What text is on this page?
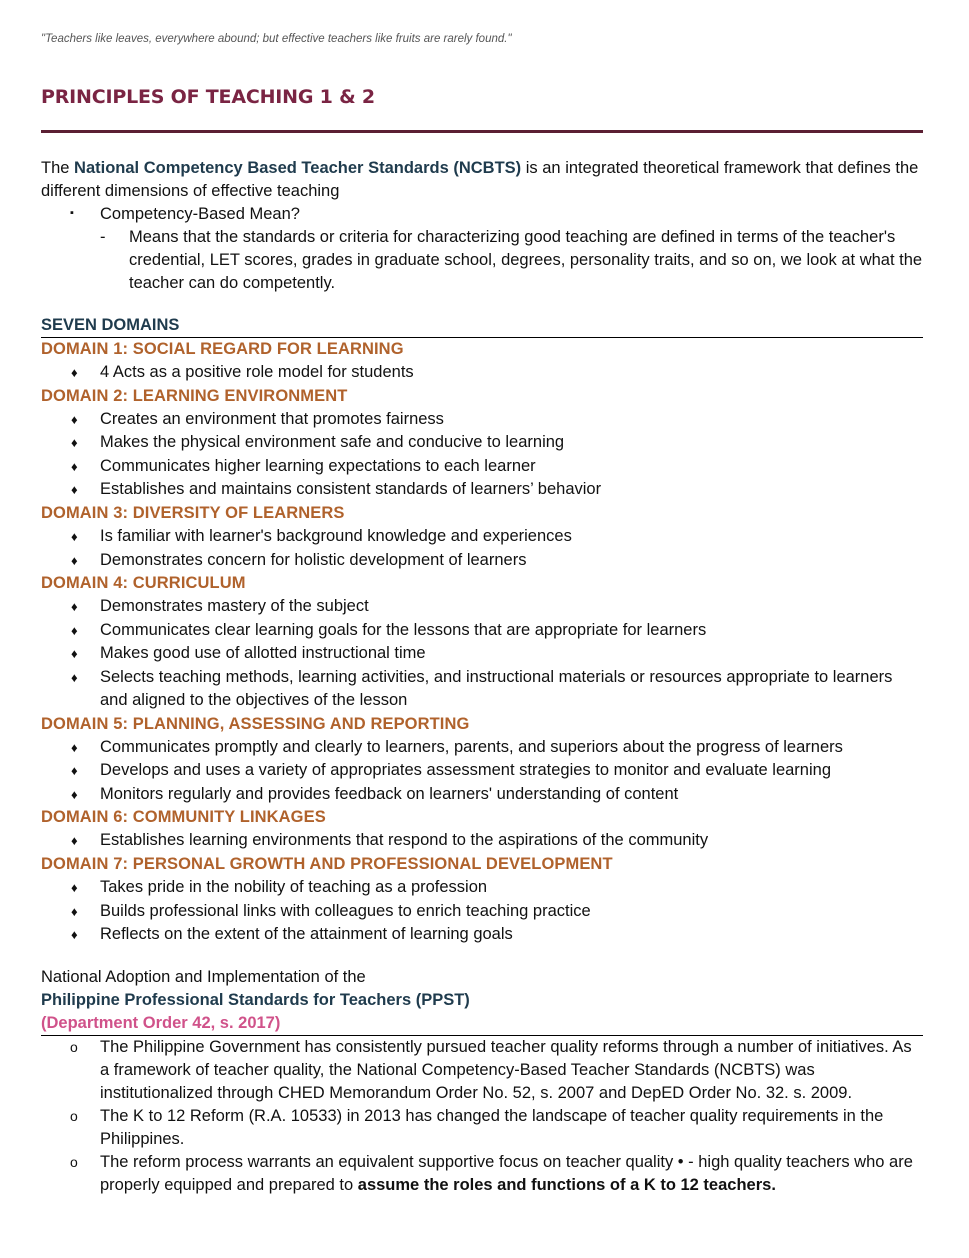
"Teachers like leaves, everywhere abound; but effective teachers like fruits are rarely found."
PRINCIPLES OF TEACHING 1 & 2
The National Competency Based Teacher Standards (NCBTS) is an integrated theoretical framework that defines the different dimensions of effective teaching
▪ Competency-Based Mean?
- Means that the standards or criteria for characterizing good teaching are defined in terms of the teacher's credential, LET scores, grades in graduate school, degrees, personality traits, and so on, we look at what the teacher can do competently.
SEVEN DOMAINS
DOMAIN 1: SOCIAL REGARD FOR LEARNING
♦ 4 Acts as a positive role model for students
DOMAIN 2: LEARNING ENVIRONMENT
♦ Creates an environment that promotes fairness
♦ Makes the physical environment safe and conducive to learning
♦ Communicates higher learning expectations to each learner
♦ Establishes and maintains consistent standards of learners’ behavior
DOMAIN 3: DIVERSITY OF LEARNERS
♦ Is familiar with learner's background knowledge and experiences
♦ Demonstrates concern for holistic development of learners
DOMAIN 4: CURRICULUM
♦ Demonstrates mastery of the subject
♦ Communicates clear learning goals for the lessons that are appropriate for learners
♦ Makes good use of allotted instructional time
♦ Selects teaching methods, learning activities, and instructional materials or resources appropriate to learners and aligned to the objectives of the lesson
DOMAIN 5: PLANNING, ASSESSING AND REPORTING
♦ Communicates promptly and clearly to learners, parents, and superiors about the progress of learners
♦ Develops and uses a variety of appropriates assessment strategies to monitor and evaluate learning
♦ Monitors regularly and provides feedback on learners' understanding of content
DOMAIN 6: COMMUNITY LINKAGES
♦ Establishes learning environments that respond to the aspirations of the community
DOMAIN 7: PERSONAL GROWTH AND PROFESSIONAL DEVELOPMENT
♦ Takes pride in the nobility of teaching as a profession
♦ Builds professional links with colleagues to enrich teaching practice
♦ Reflects on the extent of the attainment of learning goals
National Adoption and Implementation of the
Philippine Professional Standards for Teachers (PPST)
(Department Order 42, s. 2017)
o The Philippine Government has consistently pursued teacher quality reforms through a number of initiatives. As a framework of teacher quality, the National Competency-Based Teacher Standards (NCBTS) was institutionalized through CHED Memorandum Order No. 52, s. 2007 and DepED Order No. 32. s. 2009.
o The K to 12 Reform (R.A. 10533) in 2013 has changed the landscape of teacher quality requirements in the Philippines.
o The reform process warrants an equivalent supportive focus on teacher quality • - high quality teachers who are properly equipped and prepared to assume the roles and functions of a K to 12 teachers.
